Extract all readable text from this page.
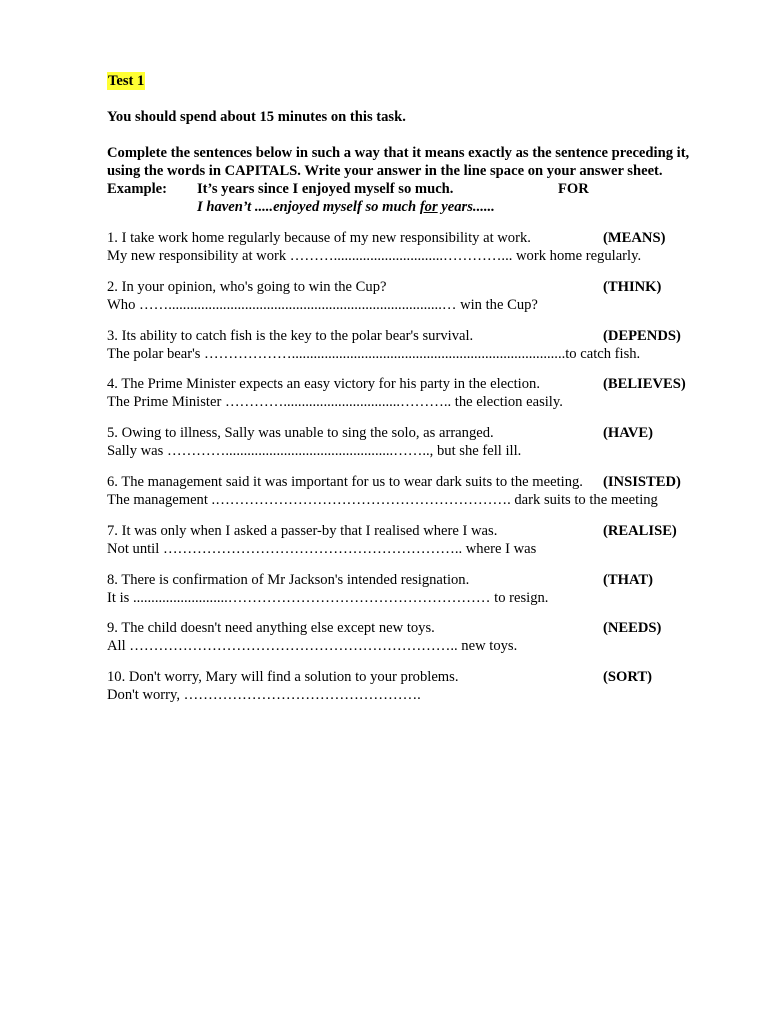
Test 1

You should spend about 15 minutes on this task.

Complete the sentences below in such a way that it means exactly as the sentence preceding it, using the words in CAPITALS. Write your answer in the line space on your answer sheet.

Example: It’s years since I enjoyed myself so much.	FOR
I haven’t .....enjoyed myself so much for years......
1. I take work home regularly because of my new responsibility at work.	(MEANS)
My new responsibility at work ………..............................…………... work home regularly.
2. In your opinion, who's going to win the Cup?	(THINK)
Who ……...........................................................................… win the Cup?
3. Its ability to catch fish is the key to the polar bear's survival.	(DEPENDS)
The polar bear's ………………...........................................................................to catch fish.
4. The Prime Minister expects an easy victory for his party in the election.	(BELIEVES)
The Prime Minister …………................................……….. the election easily.
5. Owing to illness, Sally was unable to sing the solo, as arranged.	(HAVE)
Sally was …………..............................................…….., but she fell ill.
6. The management said it was important for us to wear dark suits to the meeting. (INSISTED)
The management .……………………………………………………. dark suits to the meeting
7. It was only when I asked a passer-by that I realised where I was.	(REALISE)
Not until …………………………………………………….. where I was
8. There is confirmation of Mr Jackson's intended resignation.	(THAT)
It is ..........................……………………………………………… to resign.
9. The child doesn't need anything else except new toys.	(NEEDS)
All ………………………………………………………….. new toys.
10. Don't worry, Mary will find a solution to your problems.	(SORT)
Don't worry, ………………………………………….
